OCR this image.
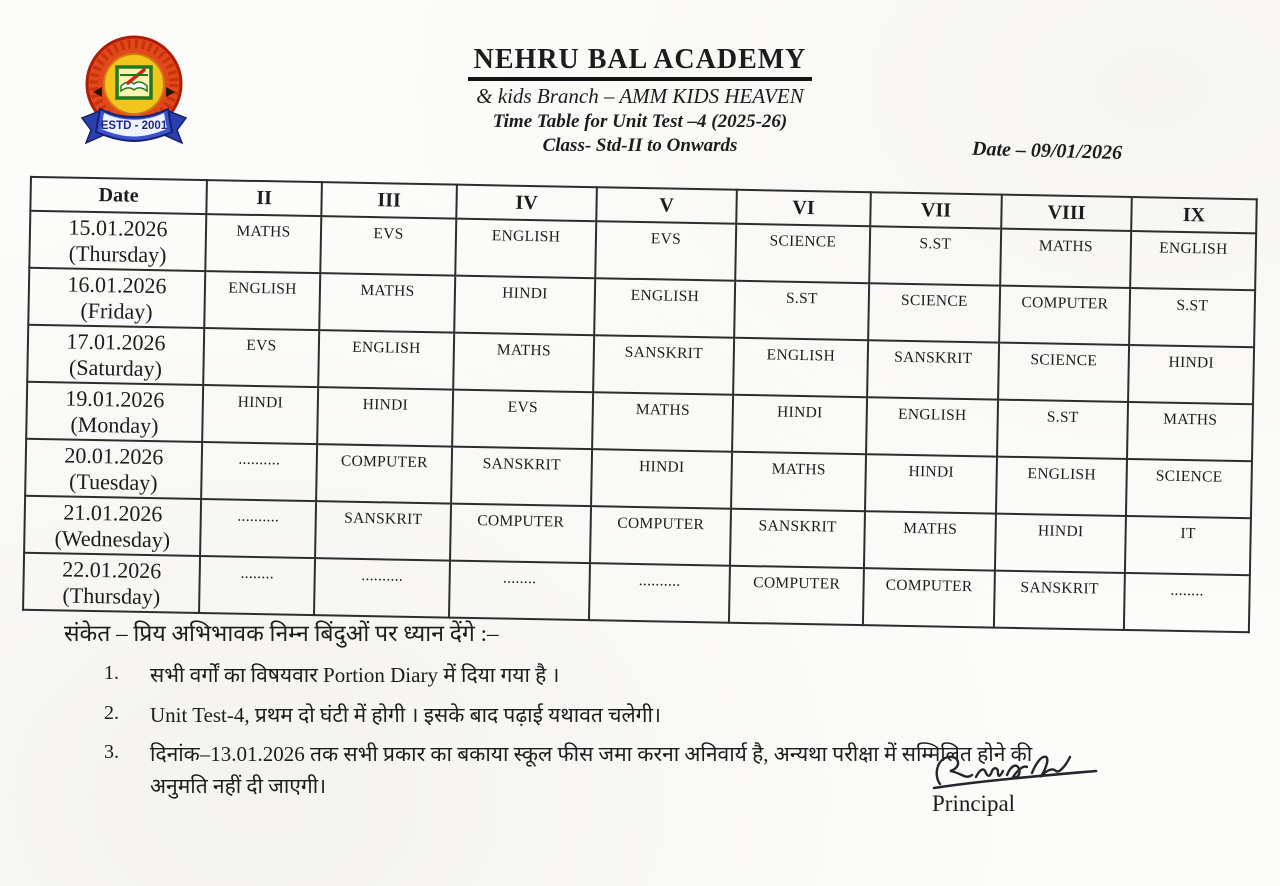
ESTD - 2001
NEHRU BAL ACADEMY
& kids Branch – AMM KIDS HEAVEN
Time Table for Unit Test –4 (2025-26)
Class- Std-II to Onwards	Date – 09/01/2026
Date	II	III	IV	V	VI	VII	VIII	IX

15.01.2026
(Thursday)	MATHS	EVS	ENGLISH	EVS	SCIENCE	S.ST	MATHS	ENGLISH

16.01.2026
(Friday)	ENGLISH	MATHS	HINDI	ENGLISH	S.ST	SCIENCE	COMPUTER	S.ST

17.01.2026
(Saturday)	EVS	ENGLISH	MATHS	SANSKRIT	ENGLISH	SANSKRIT	SCIENCE	HINDI

19.01.2026
(Monday)	HINDI	HINDI	EVS	MATHS	HINDI	ENGLISH	S.ST	MATHS

20.01.2026
(Tuesday)	..........	COMPUTER	SANSKRIT	HINDI	MATHS	HINDI	ENGLISH	SCIENCE

21.01.2026
(Wednesday)	..........	SANSKRIT	COMPUTER	COMPUTER	SANSKRIT	MATHS	HINDI	IT

22.01.2026
(Thursday)	........	..........	........	..........	COMPUTER	COMPUTER	SANSKRIT	........
संकेत – प्रिय अभिभावक निम्न बिंदुओं पर ध्यान देंगे :–
1.	सभी वर्गों का विषयवार Portion Diary में दिया गया है ।
2.	Unit Test-4, प्रथम दो घंटी में होगी । इसके बाद पढ़ाई यथावत चलेगी।
3.	दिनांक–13.01.2026 तक सभी प्रकार का बकाया स्कूल फीस जमा करना अनिवार्य है, अन्यथा परीक्षा में सम्मिलित होने की अनुमति नहीं दी जाएगी।
Principal
